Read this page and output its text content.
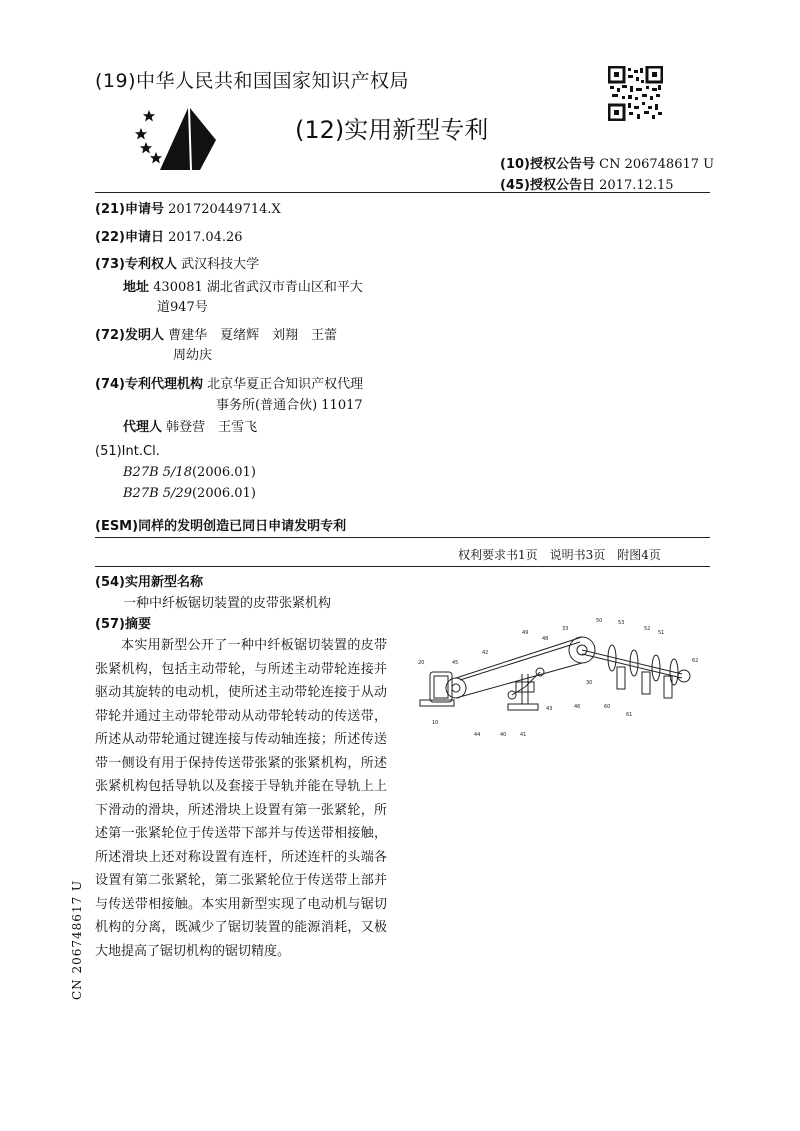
(19)中华人民共和国国家知识产权局
(12)实用新型专利
(10)授权公告号 CN 206748617 U
(45)授权公告日 2017.12.15
(21)申请号 201720449714.X
(22)申请日 2017.04.26
(73)专利权人 武汉科技大学
地址 430081 湖北省武汉市青山区和平大
道947号
(72)发明人 曹建华　夏绪辉　刘翔　王蕾
周幼庆
(74)专利代理机构 北京华夏正合知识产权代理
事务所(普通合伙) 11017
代理人 韩登营　王雪飞
(51)Int.Cl.
B27B 5/18(2006.01)
B27B 5/29(2006.01)
(ESM)同样的发明创造已同日申请发明专利
权利要求书1页　说明书3页　附图4页
(54)实用新型名称
一种中纤板锯切装置的皮带张紧机构
(57)摘要

本实用新型公开了一种中纤板锯切装置的皮带张紧机构，包括主动带轮，与所述主动带轮连接并驱动其旋转的电动机，使所述主动带轮连接于从动带轮并通过主动带轮带动从动带轮转动的传送带，所述从动带轮通过键连接与传动轴连接；所述传送带一侧设有用于保持传送带张紧的张紧机构，所述张紧机构包括导轨以及套接于导轨并能在导轨上上下滑动的滑块，所述滑块上设置有第一张紧轮，所述第一张紧轮位于传送带下部并与传送带相接触，所述滑块上还对称设置有连杆，所述连杆的头端各设置有第二张紧轮，第二张紧轮位于传送带上部并与传送带相接触。本实用新型实现了电动机与锯切机构的分离，既减少了锯切装置的能源消耗，又极大地提高了锯切机构的锯切精度。

20
10
45
42
49
48
44
46
43
41
40
33
30
50
60
53
52
51
61
62
CN 206748617 U
